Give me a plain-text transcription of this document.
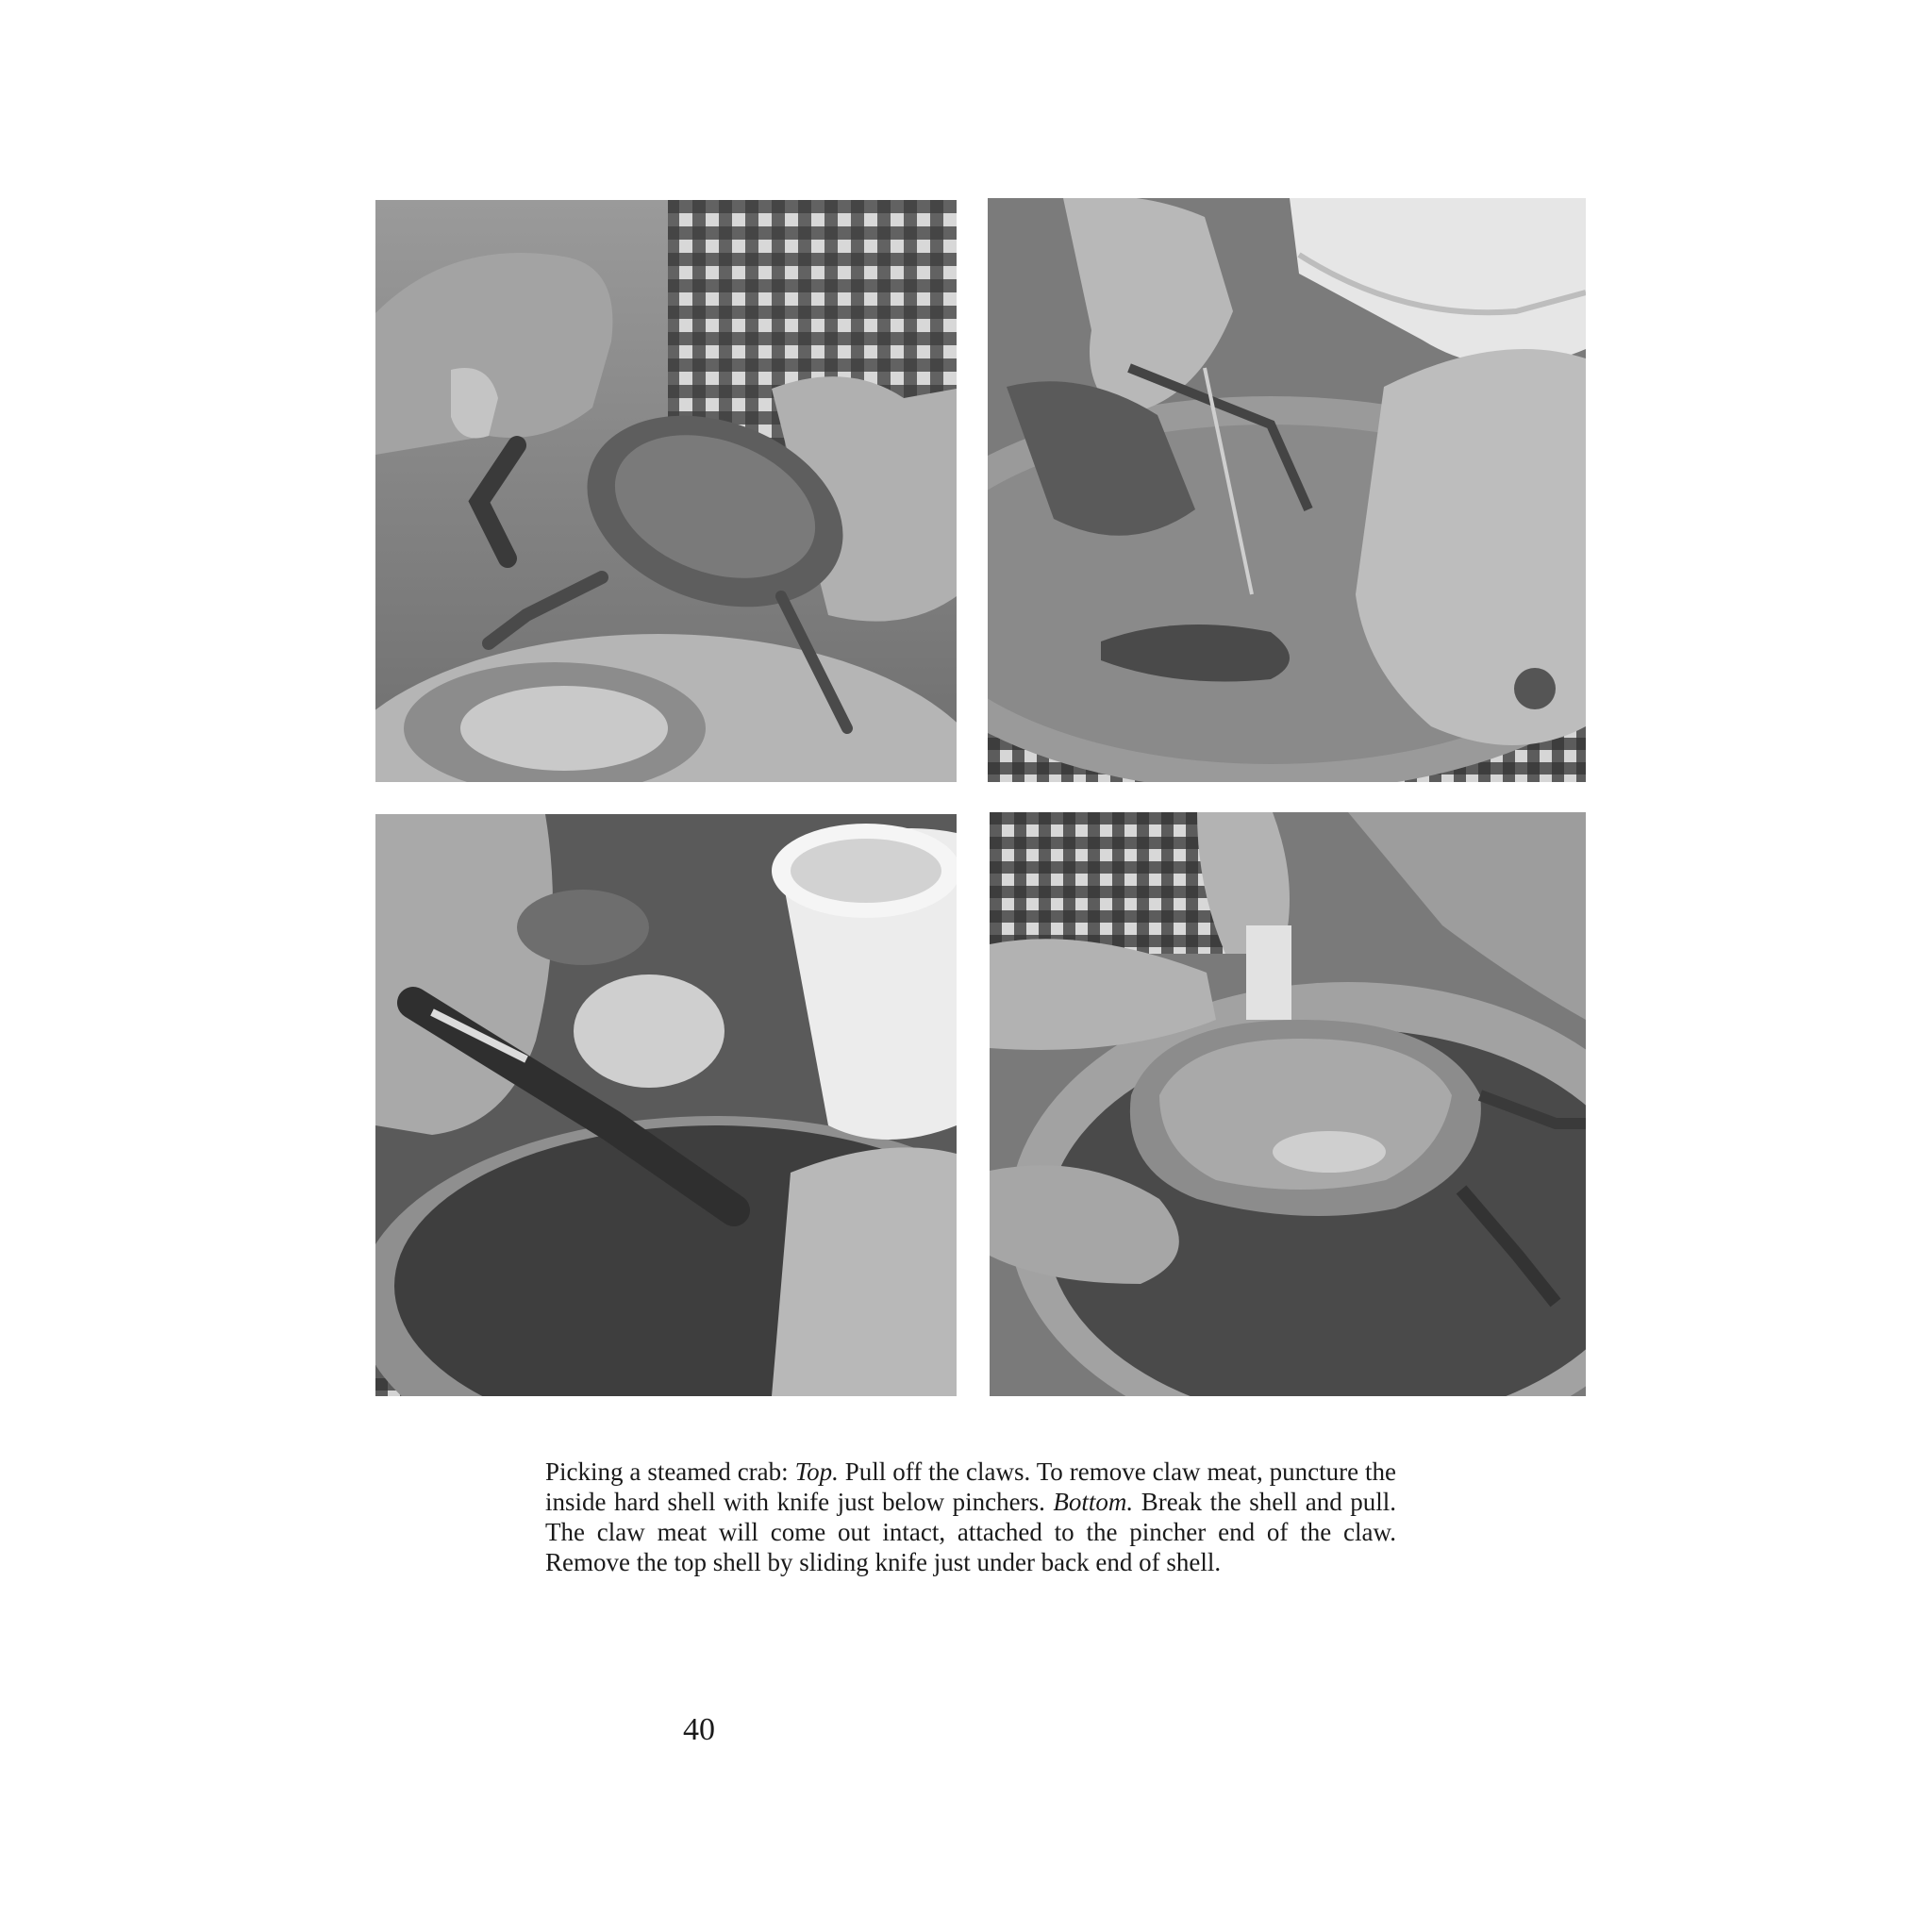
Picking a steamed crab: Top. Pull off the claws. To remove claw meat, puncture the inside hard shell with knife just below pinchers. Bottom. Break the shell and pull. The claw meat will come out intact, attached to the pincher end of the claw. Remove the top shell by sliding knife just under back end of shell.

40
